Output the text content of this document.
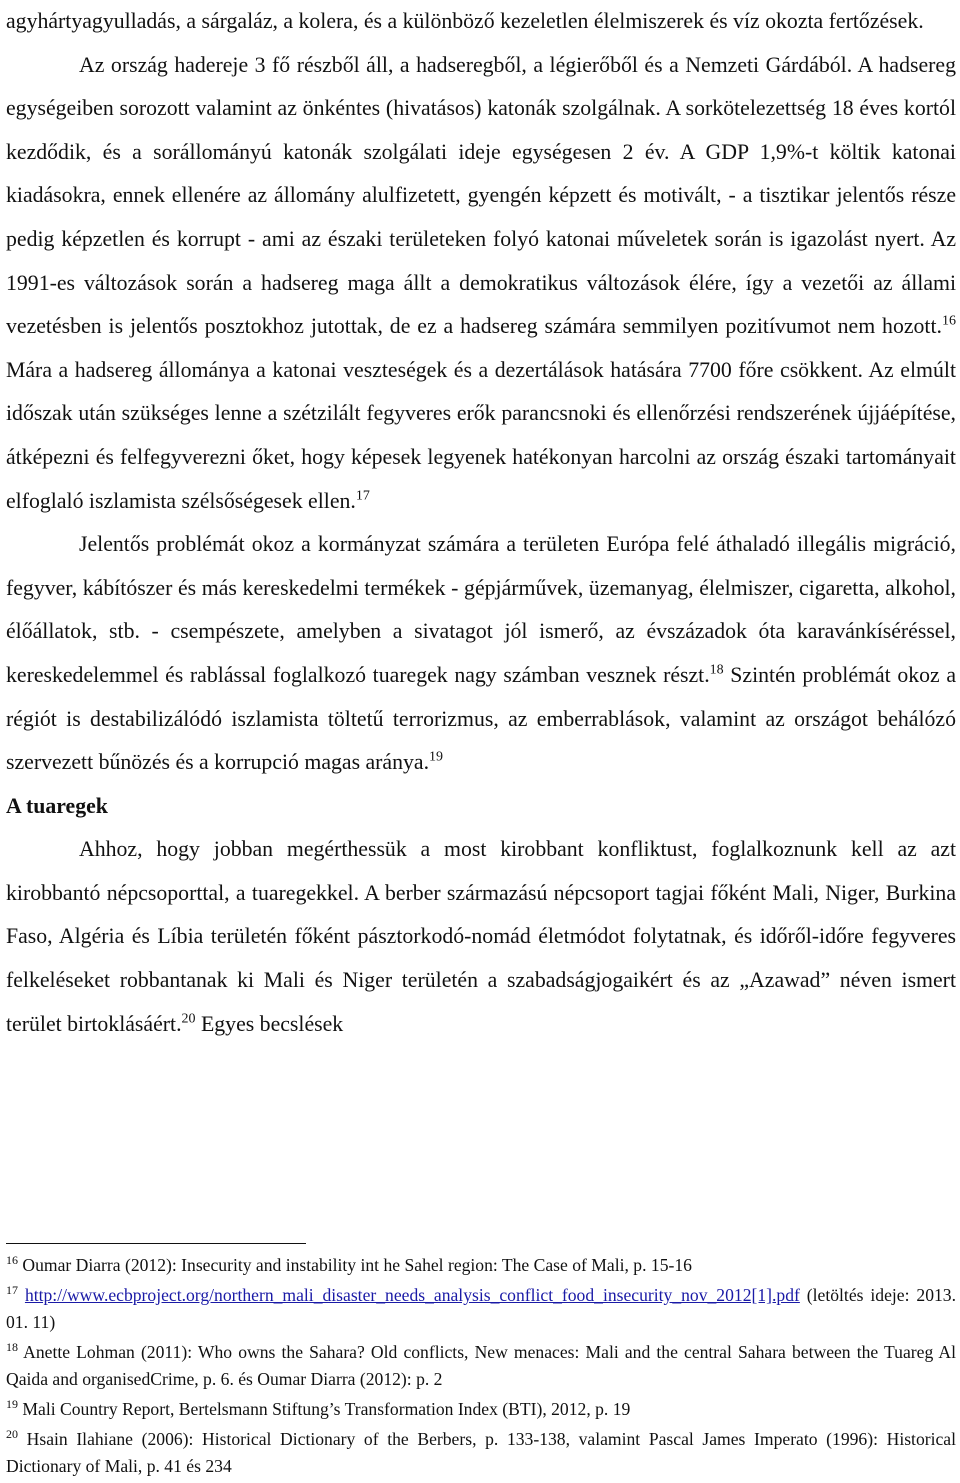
agyhártyagyulladás, a sárgaláz, a kolera, és a különböző kezeletlen élelmiszerek és víz okozta fertőzések.

Az ország hadereje 3 fő részből áll, a hadseregből, a légierőből és a Nemzeti Gárdából. A hadsereg egységeiben sorozott valamint az önkéntes (hivatásos) katonák szolgálnak. A sorkötelezettség 18 éves kortól kezdődik, és a sorállományú katonák szolgálati ideje egységesen 2 év. A GDP 1,9%-t költik katonai kiadásokra, ennek ellenére az állomány alulfizetett, gyengén képzett és motivált, - a tisztikar jelentős része pedig képzetlen és korrupt - ami az északi területeken folyó katonai műveletek során is igazolást nyert. Az 1991-es változások során a hadsereg maga állt a demokratikus változások élére, így a vezetői az állami vezetésben is jelentős posztokhoz jutottak, de ez a hadsereg számára semmilyen pozitívumot nem hozott.$^{16}$ Mára a hadsereg állománya a katonai veszteségek és a dezertálások hatására 7700 főre csökkent. Az elmúlt időszak után szükséges lenne a szétzilált fegyveres erők parancsnoki és ellenőrzési rendszerének újjáépítése, átképezni és felfegyverezni őket, hogy képesek legyenek hatékonyan harcolni az ország északi tartományait elfoglaló iszlamista szélsőségesek ellen.$^{17}$

Jelentős problémát okoz a kormányzat számára a területen Európa felé áthaladó illegális migráció, fegyver, kábítószer és más kereskedelmi termékek - gépjárművek, üzemanyag, élelmiszer, cigaretta, alkohol, élőállatok, stb. - csempészete, amelyben a sivatagot jól ismerő, az évszázadok óta karavánkíséréssel, kereskedelemmel és rablással foglalkozó tuaregek nagy számban vesznek részt.$^{18}$ Szintén problémát okoz a régiót is destabilizálódó iszlamista töltetű terrorizmus, az emberrablások, valamint az országot behálózó szervezett bűnözés és a korrupció magas aránya.$^{19}$

A tuaregek

Ahhoz, hogy jobban megérthessük a most kirobbant konfliktust, foglalkoznunk kell az azt kirobbantó népcsoporttal, a tuaregekkel. A berber származású népcsoport tagjai főként Mali, Niger, Burkina Faso, Algéria és Líbia területén főként pásztorkodó-nomád életmódot folytatnak, és időről-időre fegyveres felkeléseket robbantanak ki Mali és Niger területén a szabadságjogaikért és az „Azawad” néven ismert terület birtoklásáért.$^{20}$ Egyes becslések

$^{16}$ Oumar Diarra (2012): Insecurity and instability int he Sahel region: The Case of Mali, p. 15-16

$^{17}$ http://www.ecbproject.org/northern_mali_disaster_needs_analysis_conflict_food_insecurity_nov_2012[1].pdf (letöltés ideje: 2013. 01. 11)

$^{18}$ Anette Lohman (2011): Who owns the Sahara? Old conflicts, New menaces: Mali and the central Sahara between the Tuareg Al Qaida and organisedCrime, p. 6. és Oumar Diarra (2012): p. 2

$^{19}$ Mali Country Report, Bertelsmann Stiftung’s Transformation Index (BTI), 2012, p. 19

$^{20}$ Hsain Ilahiane (2006): Historical Dictionary of the Berbers, p. 133-138, valamint Pascal James Imperato (1996): Historical Dictionary of Mali, p. 41 és 234
